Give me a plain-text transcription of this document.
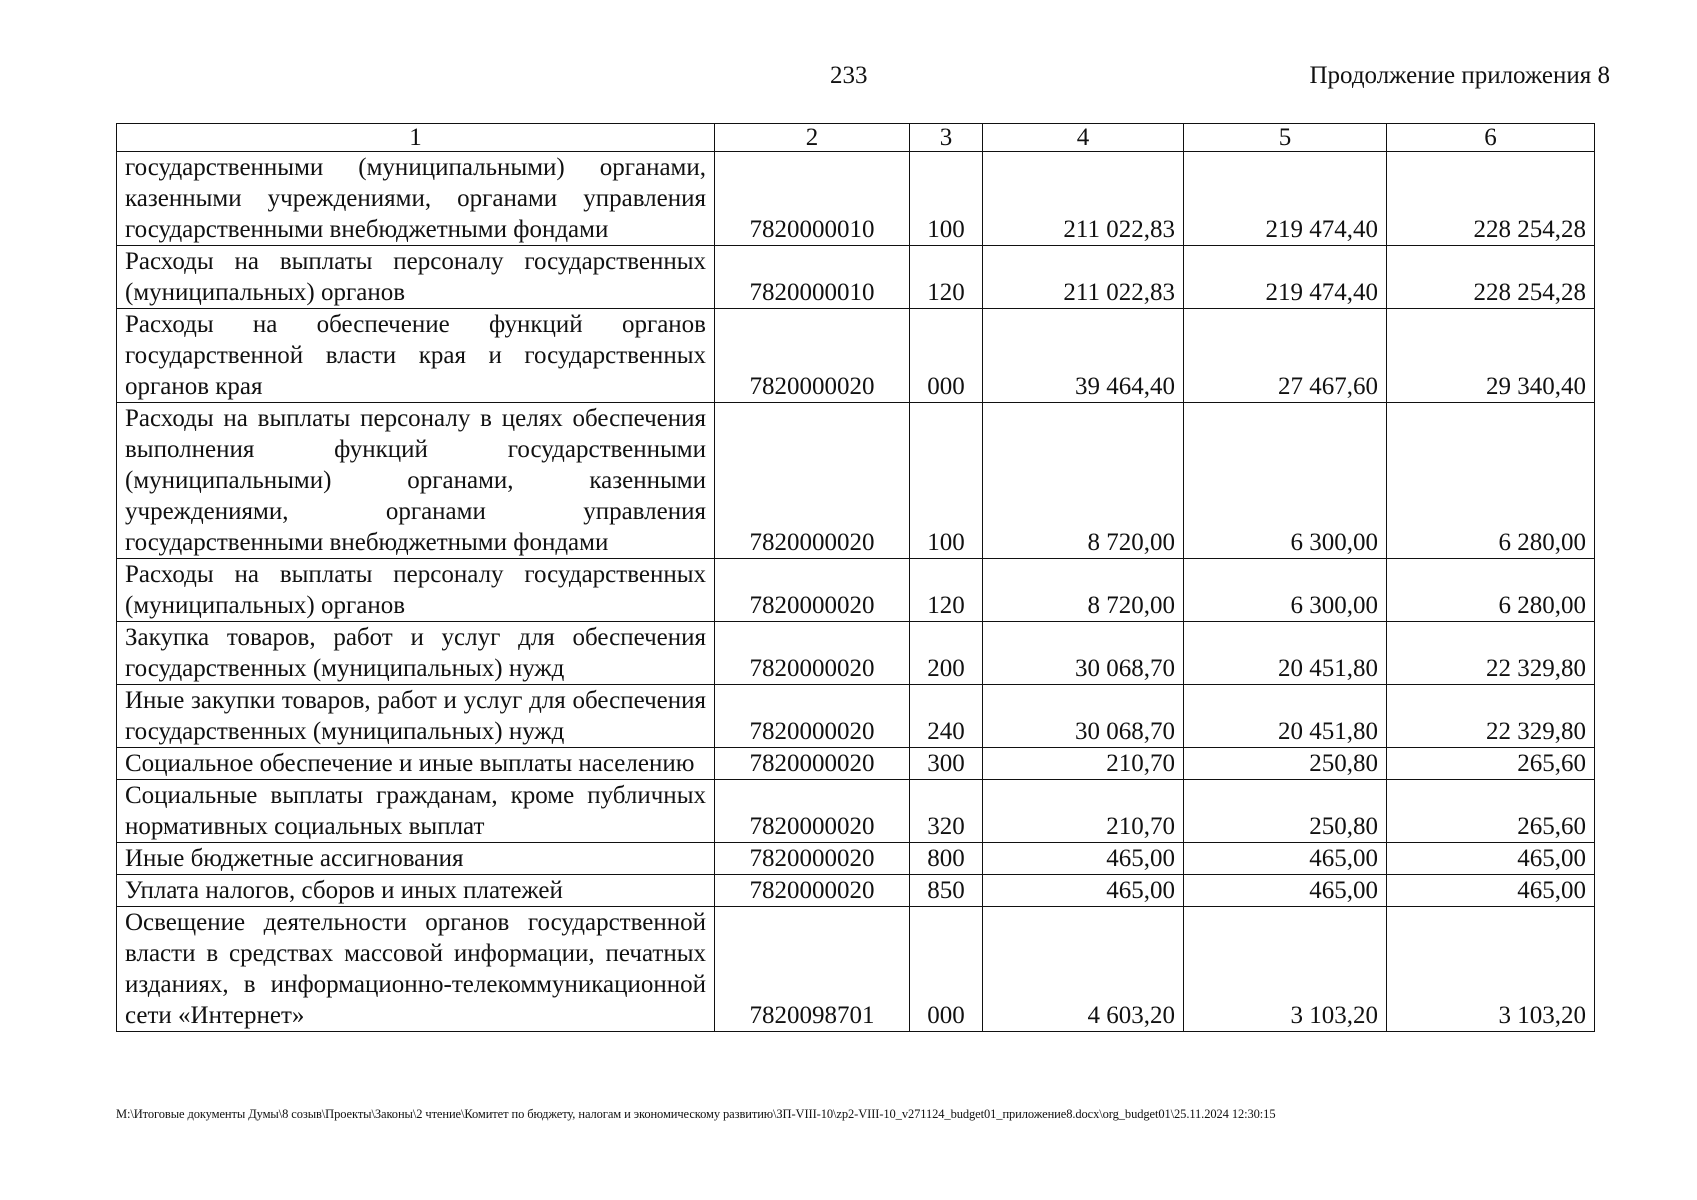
233	Продолжение приложения 8
1	2	3	4	5	6
государственными (муниципальными) органами, казенными учреждениями, органами управления государственными внебюджетными фондами	7820000010	100	211 022,83	219 474,40	228 254,28
Расходы на выплаты персоналу государственных (муниципальных) органов	7820000010	120	211 022,83	219 474,40	228 254,28
Расходы на обеспечение функций органов государственной власти края и государственных органов края	7820000020	000	39 464,40	27 467,60	29 340,40
Расходы на выплаты персоналу в целях обеспечения выполнения функций государственными (муниципальными) органами, казенными учреждениями, органами управления государственными внебюджетными фондами	7820000020	100	8 720,00	6 300,00	6 280,00
Расходы на выплаты персоналу государственных (муниципальных) органов	7820000020	120	8 720,00	6 300,00	6 280,00
Закупка товаров, работ и услуг для обеспечения государственных (муниципальных) нужд	7820000020	200	30 068,70	20 451,80	22 329,80
Иные закупки товаров, работ и услуг для обеспечения государственных (муниципальных) нужд	7820000020	240	30 068,70	20 451,80	22 329,80
Социальное обеспечение и иные выплаты населению	7820000020	300	210,70	250,80	265,60
Социальные выплаты гражданам, кроме публичных нормативных социальных выплат	7820000020	320	210,70	250,80	265,60
Иные бюджетные ассигнования	7820000020	800	465,00	465,00	465,00
Уплата налогов, сборов и иных платежей	7820000020	850	465,00	465,00	465,00
Освещение деятельности органов государственной власти в средствах массовой информации, печатных изданиях, в информационно-телекоммуникационной сети «Интернет»	7820098701	000	4 603,20	3 103,20	3 103,20
M:\Итоговые документы Думы\8 созыв\Проекты\Законы\2 чтение\Комитет по бюджету, налогам и экономическому развитию\ЗП-VIII-10\zp2-VIII-10_v271124_budget01_приложение8.docx\org_budget01\25.11.2024 12:30:15
